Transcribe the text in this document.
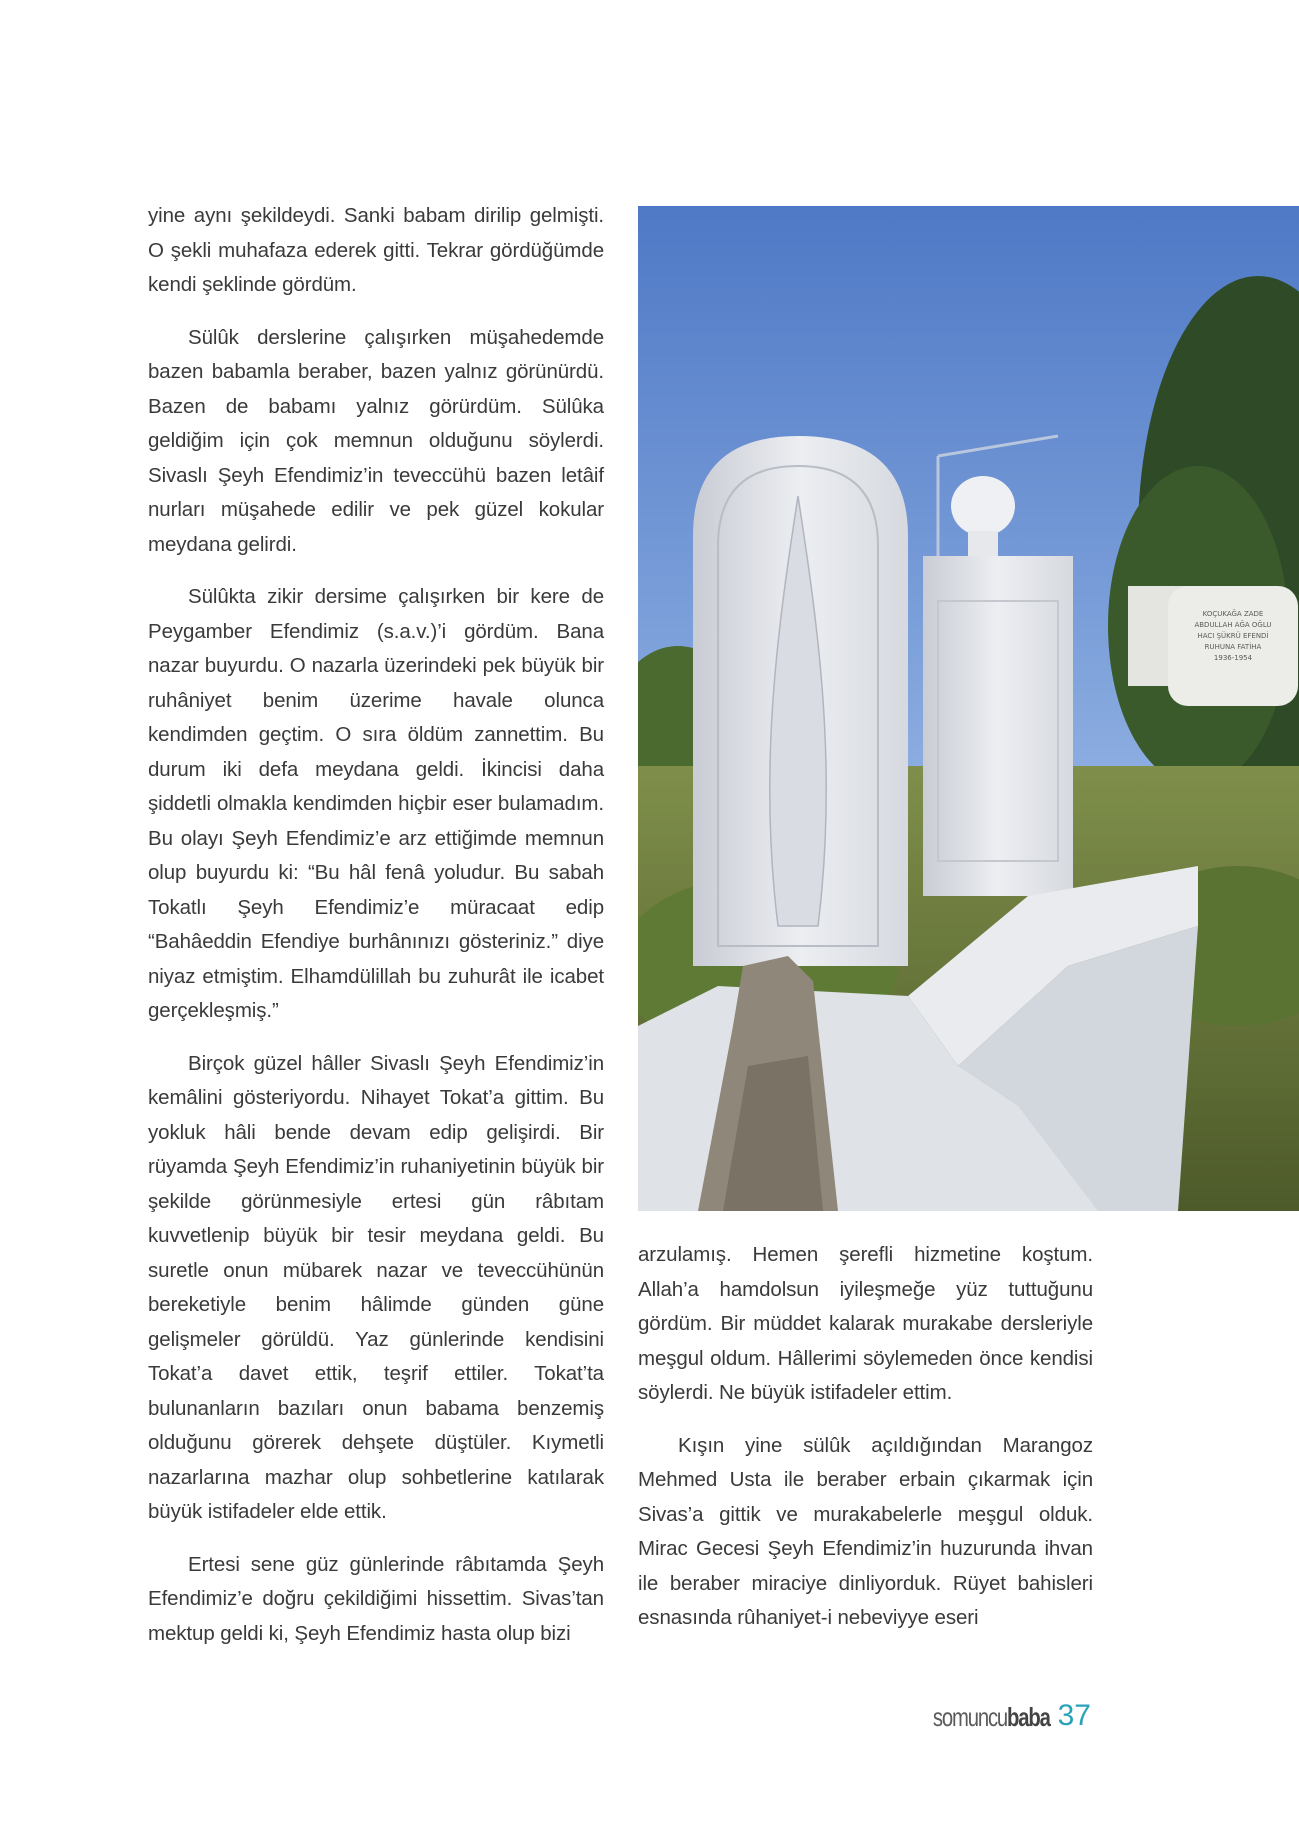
yine aynı şekildeydi. Sanki babam dirilip gelmişti. O şekli muhafaza ederek gitti. Tekrar gördüğümde kendi şeklinde gördüm.

Sülûk derslerine çalışırken müşahedemde bazen babamla beraber, bazen yalnız görünürdü. Bazen de babamı yalnız görürdüm. Sülûka geldiğim için çok memnun olduğunu söylerdi. Sivaslı Şeyh Efendimiz’in teveccühü bazen letâif nurları müşahede edilir ve pek güzel kokular meydana gelirdi.

Sülûkta zikir dersime çalışırken bir kere de Peygamber Efendimiz (s.a.v.)’i gördüm. Bana nazar buyurdu. O nazarla üzerindeki pek büyük bir ruhâniyet benim üzerime havale olunca kendimden geçtim. O sıra öldüm zannettim. Bu durum iki defa meydana geldi. İkincisi daha şiddetli olmakla kendimden hiçbir eser bulamadım. Bu olayı Şeyh Efendimiz’e arz ettiğimde memnun olup buyurdu ki: “Bu hâl fenâ yoludur. Bu sabah Tokatlı Şeyh Efendimiz’e müracaat edip “Bahâeddin Efendiye burhânınızı gösteriniz.” diye niyaz etmiştim. Elhamdülillah bu zuhurât ile icabet gerçekleşmiş.”

Birçok güzel hâller Sivaslı Şeyh Efendimiz’in kemâlini gösteriyordu. Nihayet Tokat’a gittim. Bu yokluk hâli bende devam edip gelişirdi. Bir rüyamda Şeyh Efendimiz’in ruhaniyetinin büyük bir şekilde görünmesiyle ertesi gün râbıtam kuvvetlenip büyük bir tesir meydana geldi. Bu suretle onun mübarek nazar ve teveccühünün bereketiyle benim hâlimde günden güne gelişmeler görüldü. Yaz günlerinde kendisini Tokat’a davet ettik, teşrif ettiler. Tokat’ta bulunanların bazıları onun babama benzemiş olduğunu görerek dehşete düştüler. Kıymetli nazarlarına mazhar olup sohbetlerine katılarak büyük istifadeler elde ettik.

Ertesi sene güz günlerinde râbıtamda Şeyh Efendimiz’e doğru çekildiğimi hissettim. Sivas’tan mektup geldi ki, Şeyh Efendimiz hasta olup bizi

KOÇUKAĞA ZADE
ABDULLAH AĞA OĞLU
HACI ŞÜKRÜ EFENDİ
RUHUNA FATİHA
1936-1954

arzulamış. Hemen şerefli hizmetine koştum. Allah’a hamdolsun iyileşmeğe yüz tuttuğunu gördüm. Bir müddet kalarak murakabe dersleriyle meşgul oldum. Hâllerimi söylemeden önce kendisi söylerdi. Ne büyük istifadeler ettim.

Kışın yine sülûk açıldığından Marangoz Mehmed Usta ile beraber erbain çıkarmak için Sivas’a gittik ve murakabelerle meşgul olduk. Mirac Gecesi Şeyh Efendimiz’in huzurunda ihvan ile beraber miraciye dinliyorduk. Rüyet bahisleri esnasında rûhaniyet-i nebeviyye eseri

somuncubaba 37
